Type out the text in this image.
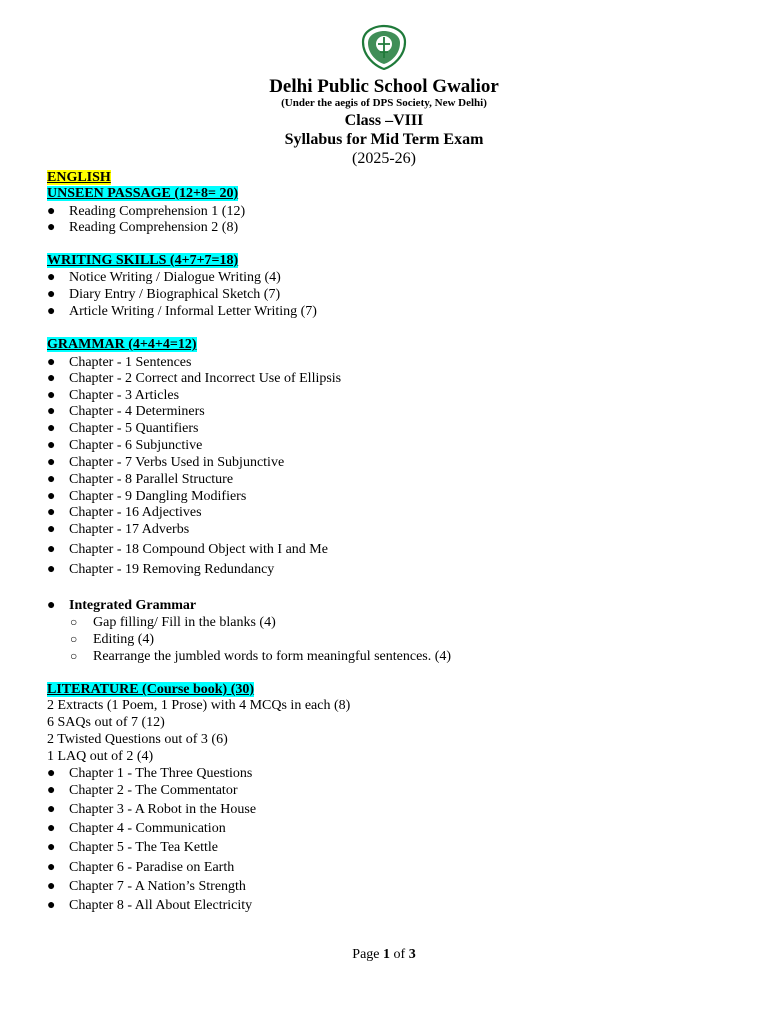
Delhi Public School Gwalior
(Under the aegis of DPS Society, New Delhi)
Class –VIII
Syllabus for Mid Term Exam
(2025-26)
ENGLISH
UNSEEN PASSAGE (12+8= 20)
● Reading Comprehension 1 (12)
● Reading Comprehension 2 (8)
WRITING SKILLS (4+7+7=18)
● Notice Writing / Dialogue Writing (4)
● Diary Entry / Biographical Sketch (7)
● Article Writing / Informal Letter Writing (7)
GRAMMAR (4+4+4=12)
● Chapter - 1 Sentences
● Chapter - 2 Correct and Incorrect Use of Ellipsis
● Chapter - 3 Articles
● Chapter - 4 Determiners
● Chapter - 5 Quantifiers
● Chapter - 6 Subjunctive
● Chapter - 7 Verbs Used in Subjunctive
● Chapter - 8 Parallel Structure
● Chapter - 9 Dangling Modifiers
● Chapter - 16 Adjectives
● Chapter - 17 Adverbs
● Chapter - 18 Compound Object with I and Me
● Chapter - 19 Removing Redundancy
● Integrated Grammar
○ Gap filling/ Fill in the blanks (4)
○ Editing (4)
○ Rearrange the jumbled words to form meaningful sentences. (4)
LITERATURE (Course book) (30)
2 Extracts (1 Poem, 1 Prose) with 4 MCQs in each (8)
6 SAQs out of 7 (12)
2 Twisted Questions out of 3 (6)
1 LAQ out of 2 (4)
● Chapter 1 - The Three Questions
● Chapter 2 - The Commentator
● Chapter 3 - A Robot in the House
● Chapter 4 - Communication
● Chapter 5 - The Tea Kettle
● Chapter 6 - Paradise on Earth
● Chapter 7 - A Nation’s Strength
● Chapter 8 - All About Electricity
Page 1 of 3
